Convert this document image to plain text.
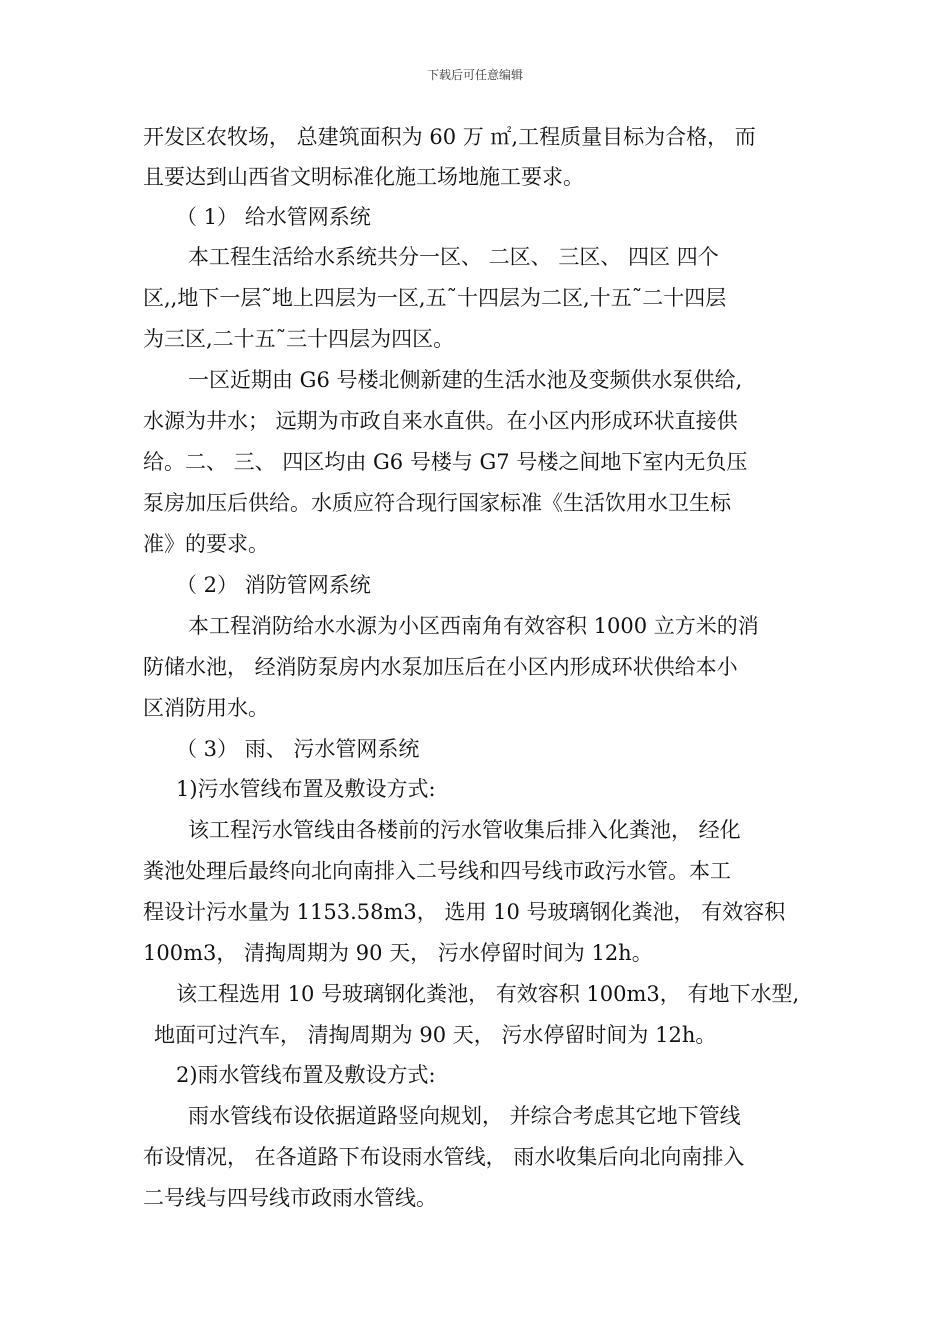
下载后可任意编辑
开发区农牧场， 总建筑面积为 60 万 ㎡,工程质量目标为合格， 而
且要达到山西省文明标准化施工场地施工要求。
（ 1） 给水管网系统
本工程生活给水系统共分一区、 二区、 三区、 四区 四个
区,,地下一层˜地上四层为一区,五˜十四层为二区,十五˜二十四层
为三区,二十五˜三十四层为四区。
一区近期由 G6 号楼北侧新建的生活水池及变频供水泵供给,
水源为井水； 远期为市政自来水直供。在小区内形成环状直接供
给。二、 三、 四区均由 G6 号楼与 G7 号楼之间地下室内无负压
泵房加压后供给。水质应符合现行国家标准《生活饮用水卫生标
准》的要求。
（ 2） 消防管网系统
本工程消防给水水源为小区西南角有效容积 1000 立方米的消
防储水池， 经消防泵房内水泵加压后在小区内形成环状供给本小
区消防用水。
（ 3） 雨、 污水管网系统
1)污水管线布置及敷设方式:
该工程污水管线由各楼前的污水管收集后排入化粪池， 经化
粪池处理后最终向北向南排入二号线和四号线市政污水管。本工
程设计污水量为 1153.58m3， 选用 10 号玻璃钢化粪池， 有效容积
100m3， 清掏周期为 90 天， 污水停留时间为 12h。
该工程选用 10 号玻璃钢化粪池， 有效容积 100m3， 有地下水型,
地面可过汽车， 清掏周期为 90 天， 污水停留时间为 12h。
2)雨水管线布置及敷设方式:
雨水管线布设依据道路竖向规划， 并综合考虑其它地下管线
布设情况， 在各道路下布设雨水管线， 雨水收集后向北向南排入
二号线与四号线市政雨水管线。
